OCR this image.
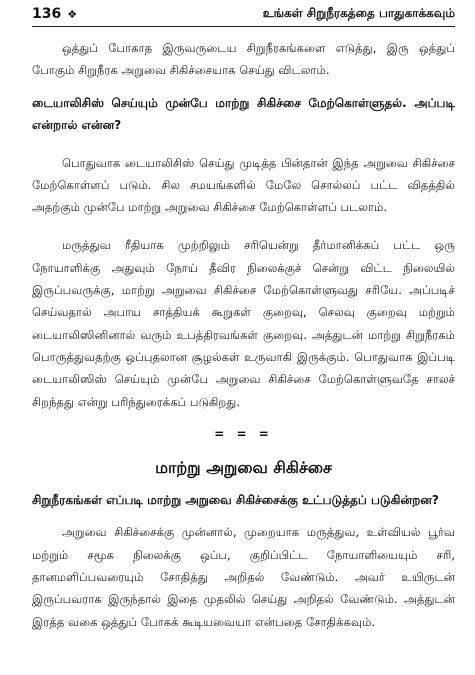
136 ❖	உங்கள் சிறுநீரகத்தை பாதுகாக்கவும்

ஒத்துப் போகாத இருவருடைய சிறுநீரகங்களை எடுத்து, இரு ஒத்துப் போகும் சிறுநீரக அறுவை சிகிச்சையாக செய்து விடலாம்.

டையாலிசிஸ் செய்யும் முன்பே மாற்று சிகிச்சை மேற்கொள்ளுதல். அப்படி என்றால் என்ன?

பொதுவாக டையாலிசிஸ் செய்து முடித்த பின்தான் இந்த அறுவை சிகிச்சை மேற்கொள்ளப் படும். சில சமயங்களில் மேலே சொல்லப் பட்ட விதத்தில் அதற்கும் முன்பே மாற்று அறுவை சிகிச்சை மேற்கொள்ளப் படலாம்.

மருத்துவ ரீதியாக முற்றிலும் சரியென்று தீர்மானிக்கப் பட்ட ஒரு நோயாளிக்கு அதுவும் நோய் தீவிர நிலைக்குச் சென்று விட்ட நிலையில் இருப்பவருக்கு, மாற்று அறுவை சிகிச்சை மேற்கொள்ளுவது சரியே. அப்படிச் செய்வதால் அபாய சாத்தியக் கூறுகள் குறைவு, செலவு குறைவு மற்றும் டையாலிஸினினால் வரும் உபத்திரவங்கள் குறைவு. அத்துடன் மாற்று சிறுநீரகம் பொருத்துவதற்கு ஒப்புதலான சூழல்கள் உருவாகி இருக்கும். பொதுவாக இப்படி டையாலிஸிஸ் செய்யும் முன்பே அறுவை சிகிச்சை மேற்கொள்ளுவதே சாலச் சிறந்தது என்று பரிந்துரைக்கப் படுகிறது.

= = =
மாற்று அறுவை சிகிச்சை

சிறுநீரகங்கள் எப்படி மாற்று அறுவை சிகிச்சைக்கு உட்படுத்தப் படுகின்றன?

அறுவை சிகிச்சைக்கு முன்னால், முறையாக மருத்துவ, உள்வியல் பூர்வ மற்றும் சமூக நிலைக்கு ஒப்ப, குறிப்பிட்ட நோயாளியையும் சரி, தானமளிப்பவரையும் சோதித்து அறிதல் வேண்டும். அவர் உயிருடன் இருப்பவராக இருந்தால் இதை முதலில் செய்து அறிதல் வேண்டும். அத்துடன் இரத்த வகை ஒத்துப் போகக் கூடியவையா என்பதை சோதிக்கவும்.
